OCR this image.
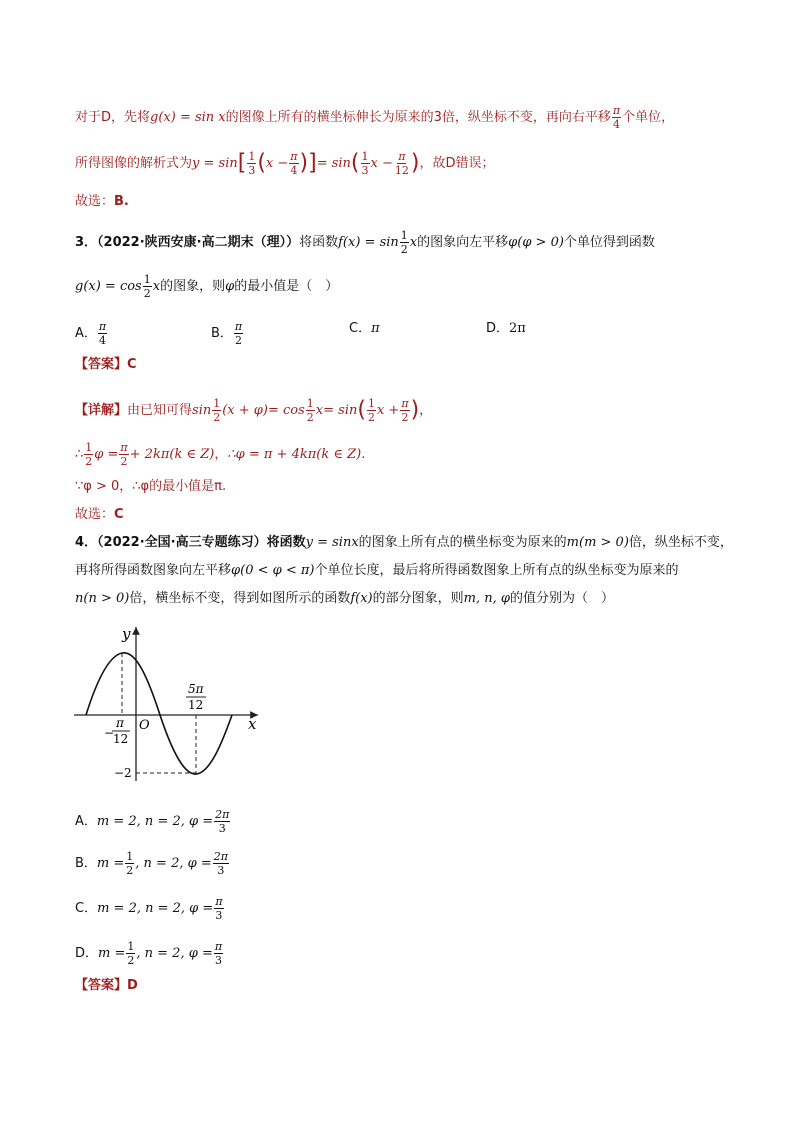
对于D，先将g(x) = sin x的图像上所有的横坐标伸长为原来的3倍，纵坐标不变，再向右平移 $\frac{\pi}{4}$ 个单位，
所得图像的解析式为$y = \sin[ \frac{1}{3} (x - \frac{\pi}{4}$ )]= $\sin( \frac{1}{3}$ $x - \frac{\pi}{12}$ )，故D错误；
故选：B.
3．（2022·陕西安康·高二期末（理））将函数$f(x) = \sin \frac{1}{2}$ x的图象向左平移φ(φ > 0)个单位得到函数
$g(x) = \cos \frac{1}{2}$ x的图象，则φ的最小值是（　）
A． $\frac{\pi}{4}$	B． $\frac{\pi}{2}$	C．π	D．2π
【答案】C
【详解】由已知可得$\sin \frac{1}{2} (x + \varphi)= \cos \frac{1}{2} x= \sin( \frac{1}{2}$ $x + \frac{\pi}{2}$ )，
∴ $\frac{1}{2}$ $\varphi = \frac{\pi}{2} + 2k\pi(k$ ∈ Z)，∴φ = π + 4kπ(k ∈ Z).
∵φ > 0，∴φ的最小值是π.
故选：C
4．（2022·全国·高三专题练习）将函数y = sinx的图象上所有点的横坐标变为原来的m(m > 0)倍，纵坐标不变，
再将所得函数图象向左平移φ(0 < φ < π)个单位长度，最后将所得函数图象上所有点的纵坐标变为原来的
n(n > 0)倍，横坐标不变，得到如图所示的函数f(x)的部分图象，则m, n, φ的值分别为（　）
y
x
O
−
π
12
5π
12
−2
A．m = 2, n = 2, $\varphi = \frac{2\pi}{3}$
B．$m = \frac{1}{2}$ , n = 2, $\varphi = \frac{2\pi}{3}$
C．m = 2, n = 2, $\varphi = \frac{\pi}{3}$
D．$m = \frac{1}{2}$ , n = 2, $\varphi = \frac{\pi}{3}$
【答案】D
